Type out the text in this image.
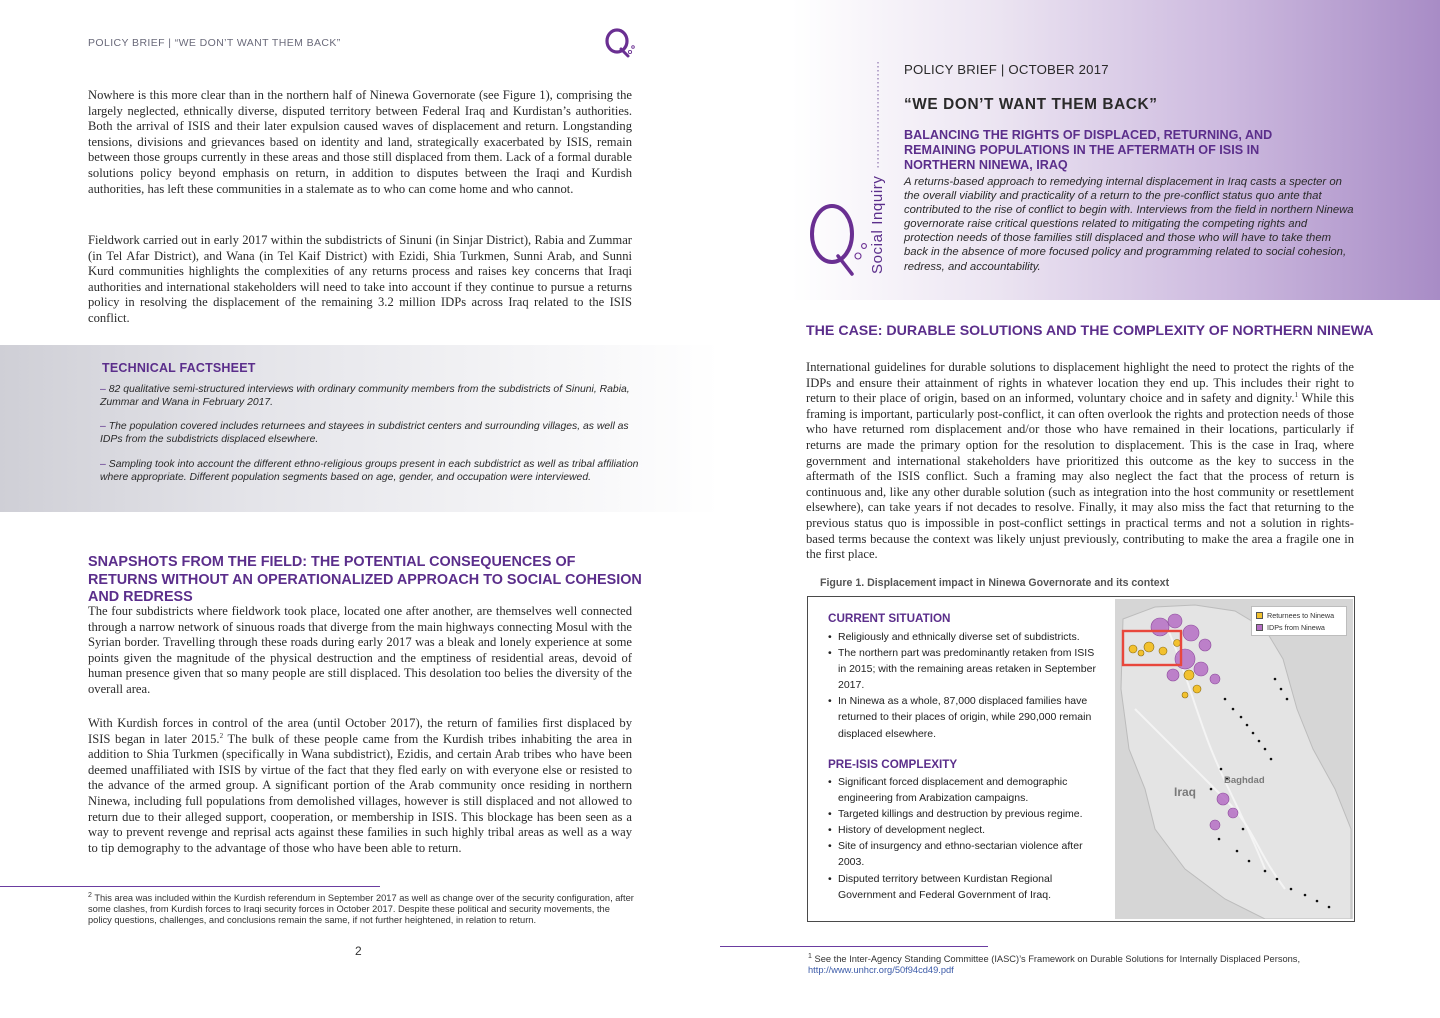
POLICY BRIEF | “WE DON’T WANT THEM BACK”

Nowhere is this more clear than in the northern half of Ninewa Governorate (see Figure 1), comprising the largely neglected, ethnically diverse, disputed territory between Federal Iraq and Kurdistan’s authorities. Both the arrival of ISIS and their later expulsion caused waves of displacement and return. Longstanding tensions, divisions and grievances based on identity and land, strategically exacerbated by ISIS, remain between those groups currently in these areas and those still displaced from them. Lack of a formal durable solutions policy beyond emphasis on return, in addition to disputes between the Iraqi and Kurdish authorities, has left these communities in a stalemate as to who can come home and who cannot.

Fieldwork carried out in early 2017 within the subdistricts of Sinuni (in Sinjar District), Rabia and Zummar (in Tel Afar District), and Wana (in Tel Kaif District) with Ezidi, Shia Turkmen, Sunni Arab, and Sunni Kurd communities highlights the complexities of any returns process and raises key concerns that Iraqi authorities and international stakeholders will need to take into account if they continue to pursue a returns policy in resolving the displacement of the remaining 3.2 million IDPs across Iraq related to the ISIS conflict.

TECHNICAL FACTSHEET
– 82 qualitative semi-structured interviews with ordinary community members from the subdistricts of Sinuni, Rabia, Zummar and Wana in February 2017.
– The population covered includes returnees and stayees in subdistrict centers and surrounding villages, as well as IDPs from the subdistricts displaced elsewhere.
– Sampling took into account the different ethno-religious groups present in each subdistrict as well as tribal affiliation where appropriate. Different population segments based on age, gender, and occupation were interviewed.
SNAPSHOTS FROM THE FIELD: THE POTENTIAL CONSEQUENCES OF RETURNS WITHOUT AN OPERATIONALIZED APPROACH TO SOCIAL COHESION AND REDRESS

The four subdistricts where fieldwork took place, located one after another, are themselves well connected through a narrow network of sinuous roads that diverge from the main highways connecting Mosul with the Syrian border. Travelling through these roads during early 2017 was a bleak and lonely experience at some points given the magnitude of the physical destruction and the emptiness of residential areas, devoid of human presence given that so many people are still displaced. This desolation too belies the diversity of the overall area.

With Kurdish forces in control of the area (until October 2017), the return of families first displaced by ISIS began in later 2015.$^2$ The bulk of these people came from the Kurdish tribes inhabiting the area in addition to Shia Turkmen (specifically in Wana subdistrict), Ezidis, and certain Arab tribes who have been deemed unaffiliated with ISIS by virtue of the fact that they fled early on with everyone else or resisted to the advance of the armed group. A significant portion of the Arab community once residing in northern Ninewa, including full populations from demolished villages, however is still displaced and not allowed to return due to their alleged support, cooperation, or membership in ISIS. This blockage has been seen as a way to prevent revenge and reprisal acts against these families in such highly tribal areas as well as a way to tip demography to the advantage of those who have been able to return.

$^2$ This area was included within the Kurdish referendum in September 2017 as well as change over of the security configuration, after some clashes, from Kurdish forces to Iraqi security forces in October 2017. Despite these political and security movements, the policy questions, challenges, and conclusions remain the same, if not further heightened, in relation to return.

2
Social Inquiry
POLICY BRIEF | OCTOBER 2017
“WE DON’T WANT THEM BACK”
BALANCING THE RIGHTS OF DISPLACED, RETURNING, AND REMAINING POPULATIONS IN THE AFTERMATH OF ISIS IN NORTHERN NINEWA, IRAQ

A returns-based approach to remedying internal displacement in Iraq casts a specter on the overall viability and practicality of a return to the pre-conflict status quo ante that contributed to the rise of conflict to begin with. Interviews from the field in northern Ninewa governorate raise critical questions related to mitigating the competing rights and protection needs of those families still displaced and those who will have to take them back in the absence of more focused policy and programming related to social cohesion, redress, and accountability.

THE CASE: DURABLE SOLUTIONS AND THE COMPLEXITY OF NORTHERN NINEWA

International guidelines for durable solutions to displacement highlight the need to protect the rights of the IDPs and ensure their attainment of rights in whatever location they end up. This includes their right to return to their place of origin, based on an informed, voluntary choice and in safety and dignity.$^1$ While this framing is important, particularly post-conflict, it can often overlook the rights and protection needs of those who have returned rom displacement and/or those who have remained in their locations, particularly if returns are made the primary option for the resolution to displacement. This is the case in Iraq, where government and international stakeholders have prioritized this outcome as the key to success in the aftermath of the ISIS conflict. Such a framing may also neglect the fact that the process of return is continuous and, like any other durable solution (such as integration into the host community or resettlement elsewhere), can take years if not decades to resolve. Finally, it may also miss the fact that returning to the previous status quo is impossible in post-conflict settings in practical terms and not a solution in rights-based terms because the context was likely unjust previously, contributing to make the area a fragile one in the first place.

Figure 1. Displacement impact in Ninewa Governorate and its context
CURRENT SITUATION
• Religiously and ethnically diverse set of subdistricts.
• The northern part was predominantly retaken from ISIS in 2015; with the remaining areas retaken in September 2017.
• In Ninewa as a whole, 87,000 displaced families have returned to their places of origin, while 290,000 remain displaced elsewhere.
PRE-ISIS COMPLEXITY
• Significant forced displacement and demographic engineering from Arabization campaigns.
• Targeted killings and destruction by previous regime.
• History of development neglect.
• Site of insurgency and ethno-sectarian violence after 2003.
• Disputed territory between Kurdistan Regional Government and Federal Government of Iraq.
Returnees to Ninewa
IDPs from Ninewa
Baghdad
Iraq

$^1$ See the Inter-Agency Standing Committee (IASC)’s Framework on Durable Solutions for Internally Displaced Persons,
http://www.unhcr.org/50f94cd49.pdf
